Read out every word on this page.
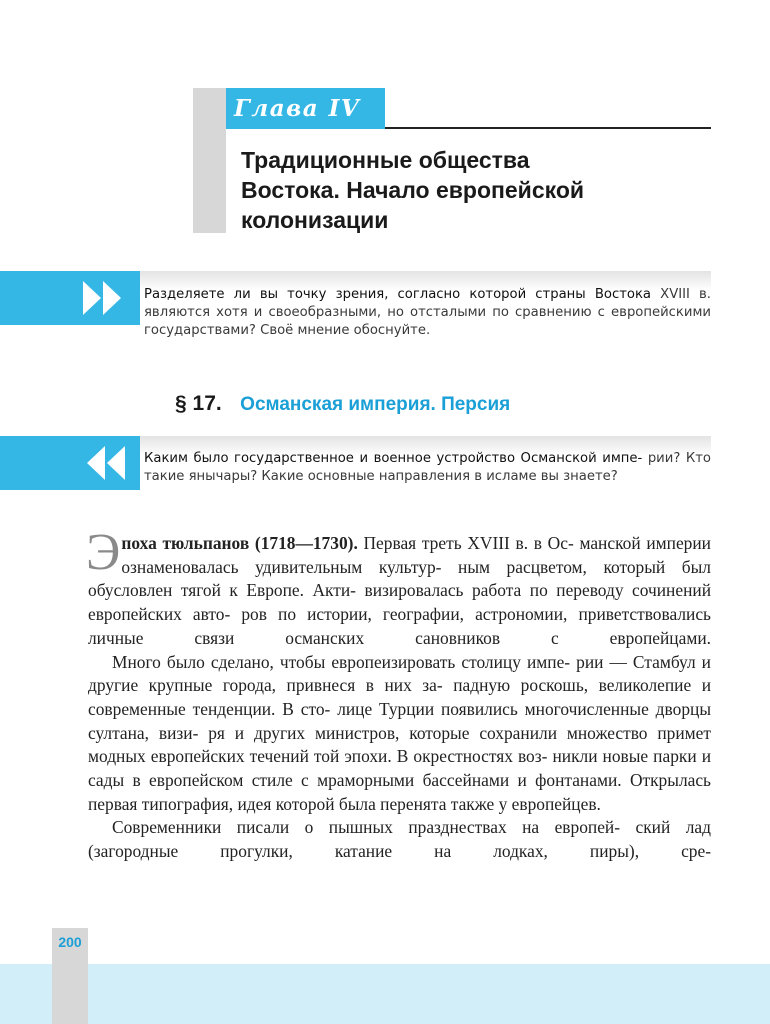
Глава IV
Традиционные общества
Востока. Начало европейской
колонизации
Разделяете ли вы точку зрения, согласно которой страны Востока XVIII в. являются хотя и своеобразными, но отсталыми по сравнению с европейскими государствами? Своё мнение обоснуйте.
§ 17. Османская империя. Персия
Каким было государственное и военное устройство Османской импе- рии? Кто такие янычары? Какие основные направления в исламе вы знаете?

Эпоха тюльпанов (1718—1730). Первая треть XVIII в. в Ос- манской империи ознаменовалась удивительным культур- ным расцветом, который был обусловлен тягой к Европе. Акти- визировалась работа по переводу сочинений европейских авто- ров по истории, географии, астрономии, приветствовались личные связи османских сановников с европейцами.

Много было сделано, чтобы европеизировать столицу импе- рии — Стамбул и другие крупные города, привнеся в них за- падную роскошь, великолепие и современные тенденции. В сто- лице Турции появились многочисленные дворцы султана, визи- ря и других министров, которые сохранили множество примет модных европейских течений той эпохи. В окрестностях воз- никли новые парки и сады в европейском стиле с мраморными бассейнами и фонтанами. Открылась первая типография, идея которой была перенята также у европейцев.

Современники писали о пышных празднествах на европей- ский лад (загородные прогулки, катание на лодках, пиры), сре-

200
